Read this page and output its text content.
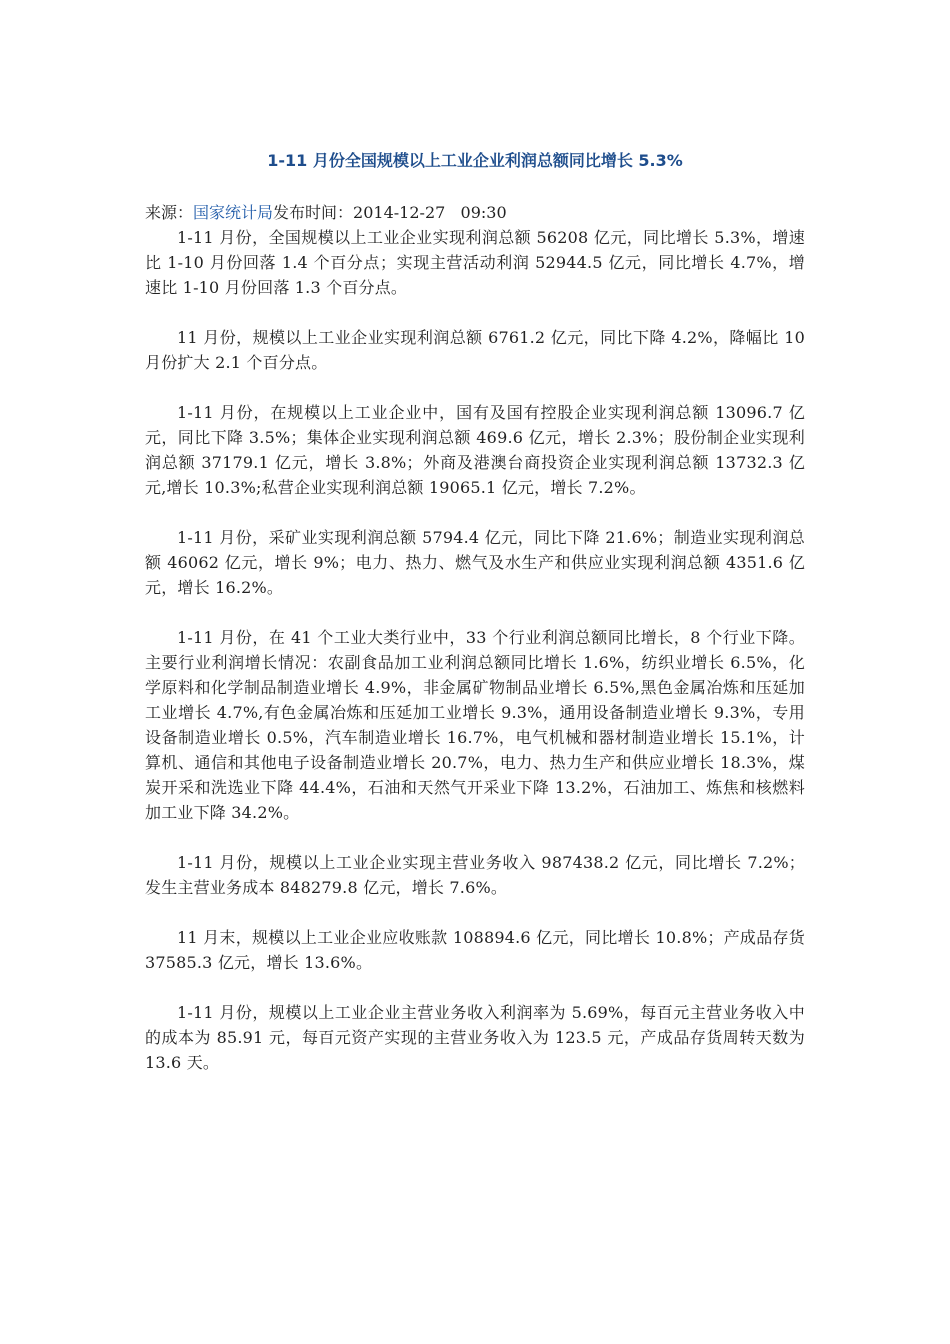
1-11 月份全国规模以上工业企业利润总额同比增长 5.3%
来源：国家统计局发布时间：2014-12-27   09:30

1-11 月份，全国规模以上工业企业实现利润总额 56208 亿元，同比增长 5.3%，增速比 1-10 月份回落 1.4 个百分点；实现主营活动利润 52944.5 亿元，同比增长 4.7%，增速比 1-10 月份回落 1.3 个百分点。

11 月份，规模以上工业企业实现利润总额 6761.2 亿元，同比下降 4.2%，降幅比 10 月份扩大 2.1 个百分点。

1-11 月份，在规模以上工业企业中，国有及国有控股企业实现利润总额 13096.7 亿元，同比下降 3.5%；集体企业实现利润总额 469.6 亿元，增长 2.3%；股份制企业实现利润总额 37179.1 亿元，增长 3.8%；外商及港澳台商投资企业实现利润总额 13732.3 亿元,增长 10.3%;私营企业实现利润总额 19065.1 亿元，增长 7.2%。

1-11 月份，采矿业实现利润总额 5794.4 亿元，同比下降 21.6%；制造业实现利润总额 46062 亿元，增长 9%；电力、热力、燃气及水生产和供应业实现利润总额 4351.6 亿元，增长 16.2%。

1-11 月份，在 41 个工业大类行业中，33 个行业利润总额同比增长，8 个行业下降。主要行业利润增长情况：农副食品加工业利润总额同比增长 1.6%，纺织业增长 6.5%，化学原料和化学制品制造业增长 4.9%，非金属矿物制品业增长 6.5%,黑色金属冶炼和压延加工业增长 4.7%,有色金属冶炼和压延加工业增长 9.3%，通用设备制造业增长 9.3%，专用设备制造业增长 0.5%，汽车制造业增长 16.7%，电气机械和器材制造业增长 15.1%，计算机、通信和其他电子设备制造业增长 20.7%，电力、热力生产和供应业增长 18.3%，煤炭开采和洗选业下降 44.4%，石油和天然气开采业下降 13.2%，石油加工、炼焦和核燃料加工业下降 34.2%。

1-11 月份，规模以上工业企业实现主营业务收入 987438.2 亿元，同比增长 7.2%；发生主营业务成本 848279.8 亿元，增长 7.6%。

11 月末，规模以上工业企业应收账款 108894.6 亿元，同比增长 10.8%；产成品存货 37585.3 亿元，增长 13.6%。

1-11 月份，规模以上工业企业主营业务收入利润率为 5.69%，每百元主营业务收入中的成本为 85.91 元，每百元资产实现的主营业务收入为 123.5 元，产成品存货周转天数为 13.6 天。
